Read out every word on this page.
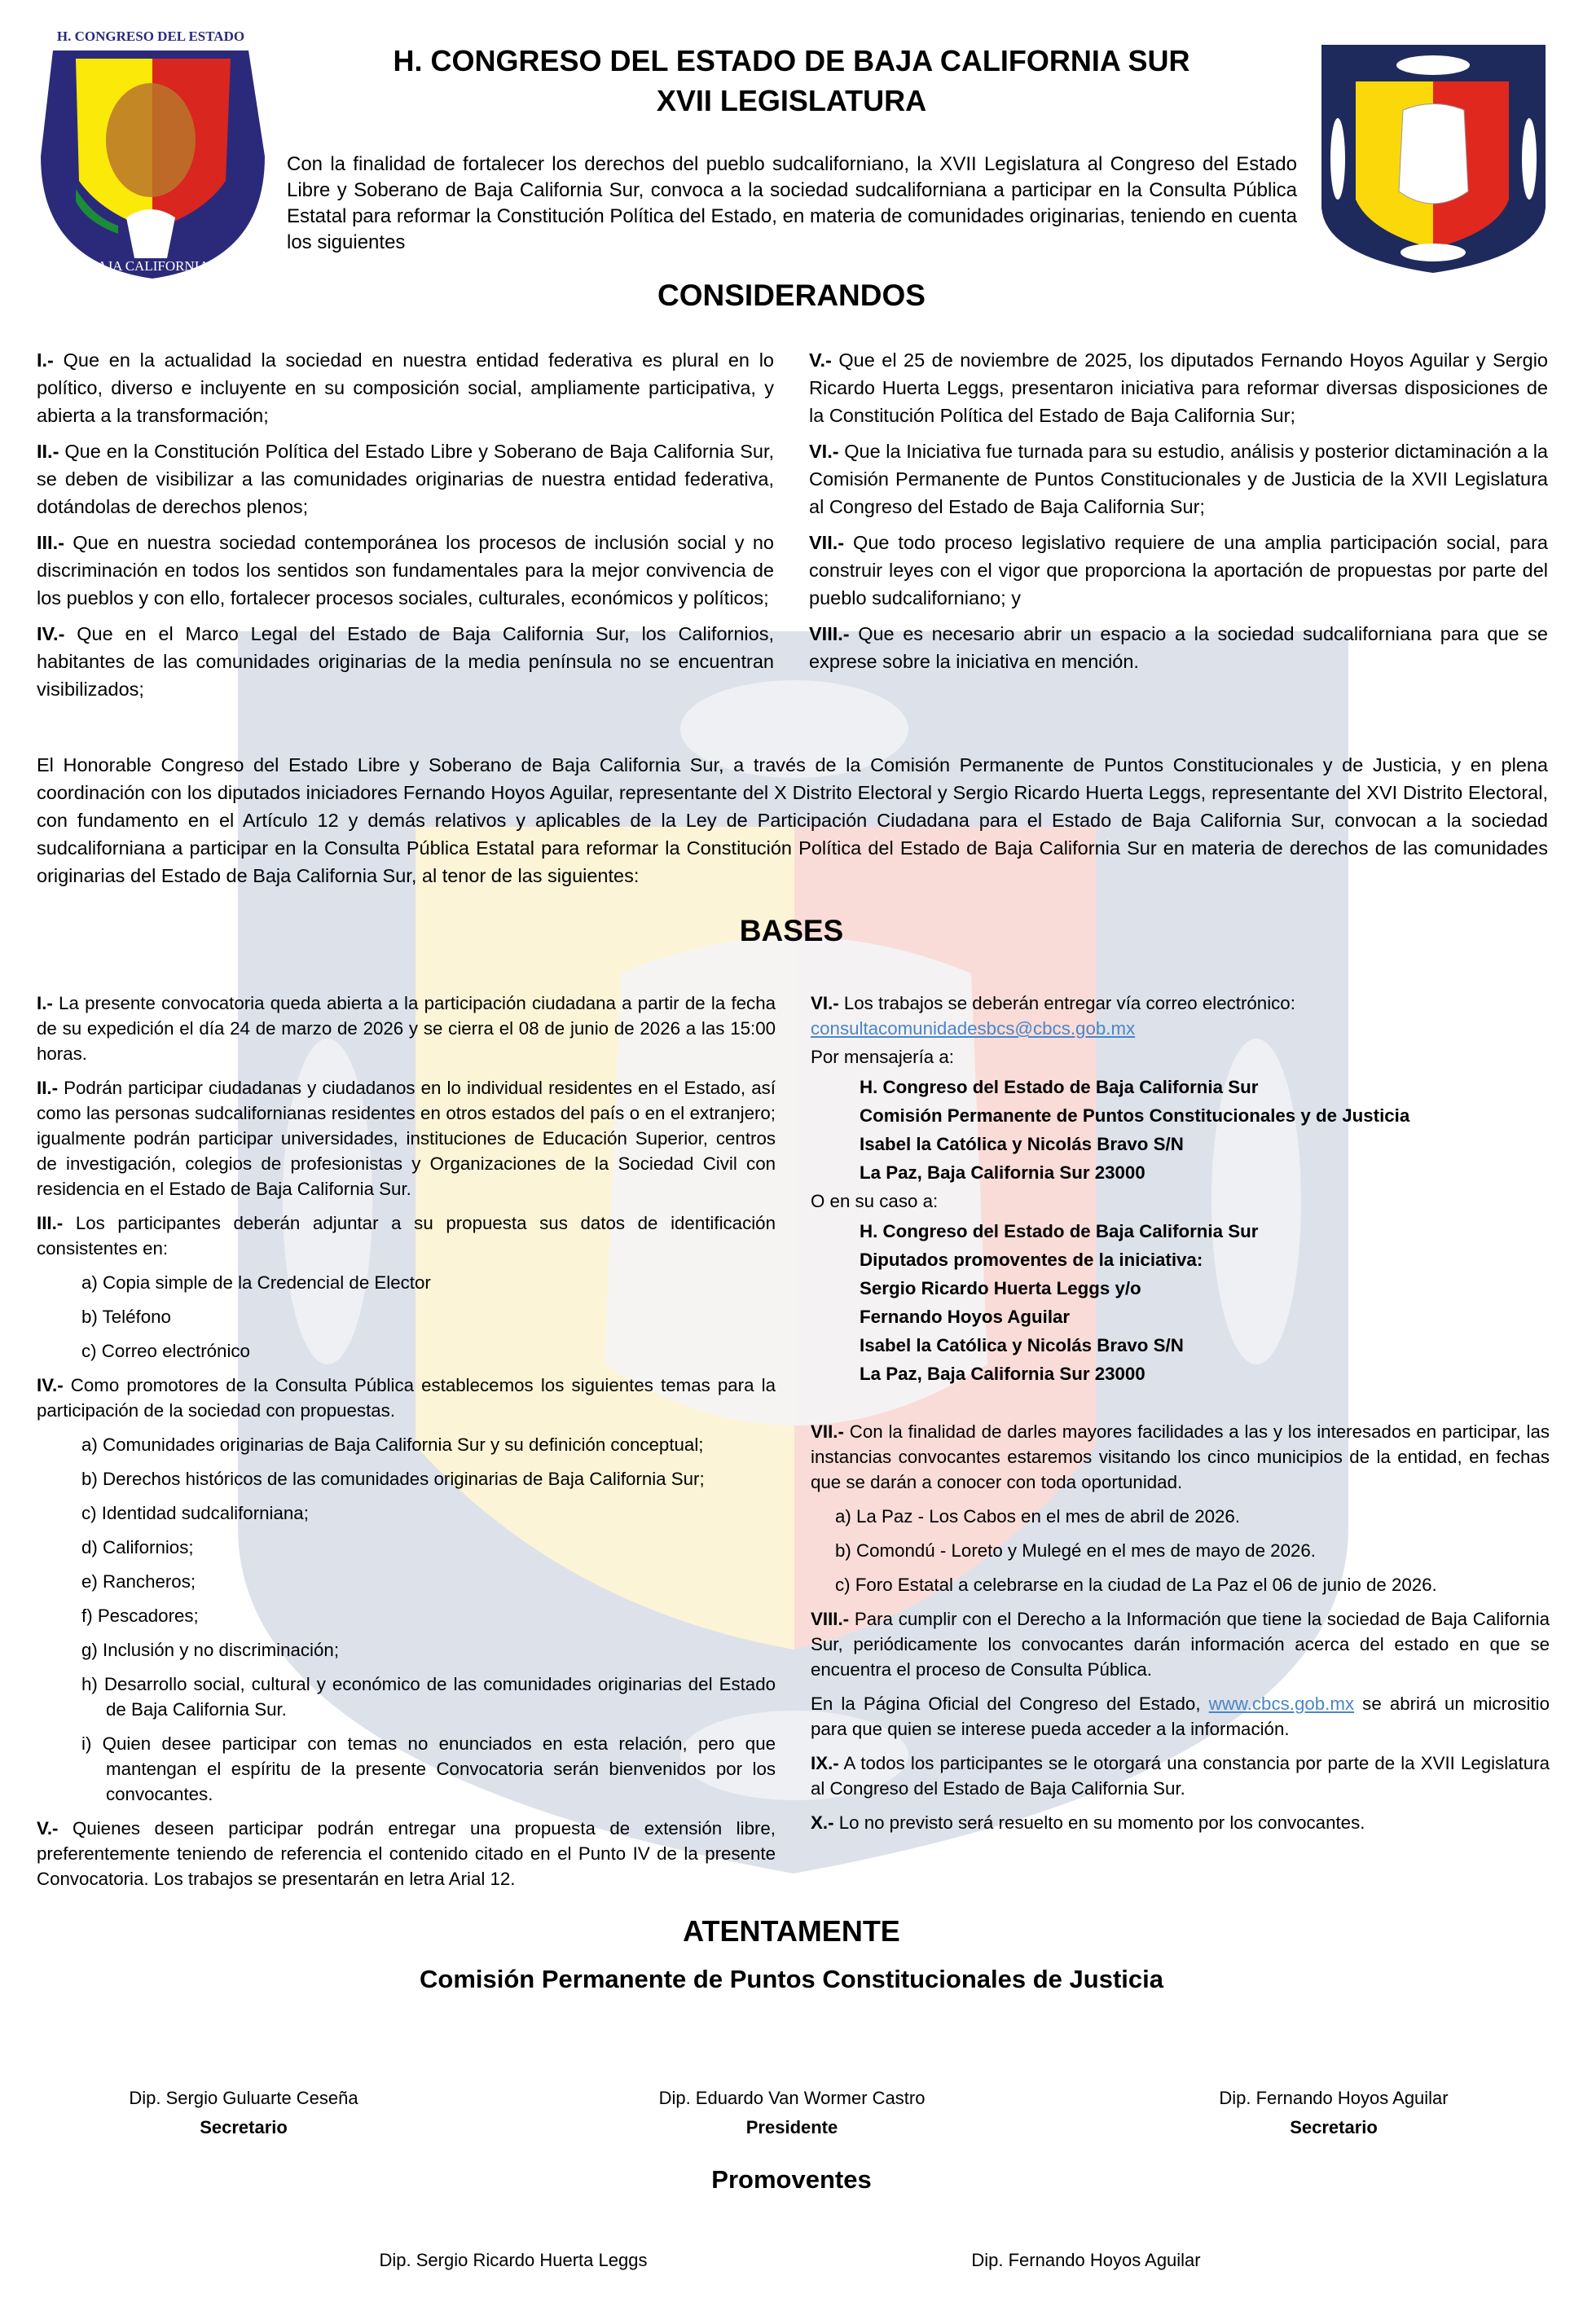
H. CONGRESO DEL ESTADO
DE BAJA CALIFORNIA SUR
H. CONGRESO DEL ESTADO DE BAJA CALIFORNIA SUR
XVII LEGISLATURA
Con la finalidad de fortalecer los derechos del pueblo sudcaliforniano, la XVII Legislatura al Congreso del Estado Libre y Soberano de Baja California Sur, convoca a la sociedad sudcaliforniana a participar en la Consulta Pública Estatal para reformar la Constitución Política del Estado, en materia de comunidades originarias, teniendo en cuenta los siguientes
CONSIDERANDOS

I.- Que en la actualidad la sociedad en nuestra entidad federativa es plural en lo político, diverso e incluyente en su composición social, ampliamente participativa, y abierta a la transformación;

II.- Que en la Constitución Política del Estado Libre y Soberano de Baja California Sur, se deben de visibilizar a las comunidades originarias de nuestra entidad federativa, dotándolas de derechos plenos;

III.- Que en nuestra sociedad contemporánea los procesos de inclusión social y no discriminación en todos los sentidos son fundamentales para la mejor convivencia de los pueblos y con ello, fortalecer procesos sociales, culturales, económicos y políticos;

IV.- Que en el Marco Legal del Estado de Baja California Sur, los Californios, habitantes de las comunidades originarias de la media península no se encuentran visibilizados;

V.- Que el 25 de noviembre de 2025, los diputados Fernando Hoyos Aguilar y Sergio Ricardo Huerta Leggs, presentaron iniciativa para reformar diversas disposiciones de la Constitución Política del Estado de Baja California Sur;

VI.- Que la Iniciativa fue turnada para su estudio, análisis y posterior dictaminación a la Comisión Permanente de Puntos Constitucionales y de Justicia de la XVII Legislatura al Congreso del Estado de Baja California Sur;

VII.- Que todo proceso legislativo requiere de una amplia participación social, para construir leyes con el vigor que proporciona la aportación de propuestas por parte del pueblo sudcaliforniano; y

VIII.- Que es necesario abrir un espacio a la sociedad sudcaliforniana para que se exprese sobre la iniciativa en mención.

El Honorable Congreso del Estado Libre y Soberano de Baja California Sur, a través de la Comisión Permanente de Puntos Constitucionales y de Justicia, y en plena coordinación con los diputados iniciadores Fernando Hoyos Aguilar, representante del X Distrito Electoral y Sergio Ricardo Huerta Leggs, representante del XVI Distrito Electoral, con fundamento en el Artículo 12 y demás relativos y aplicables de la Ley de Participación Ciudadana para el Estado de Baja California Sur, convocan a la sociedad sudcaliforniana a participar en la Consulta Pública Estatal para reformar la Constitución Política del Estado de Baja California Sur en materia de derechos de las comunidades originarias del Estado de Baja California Sur, al tenor de las siguientes:
BASES

I.- La presente convocatoria queda abierta a la participación ciudadana a partir de la fecha de su expedición el día 24 de marzo de 2026 y se cierra el 08 de junio de 2026 a las 15:00 horas.

II.- Podrán participar ciudadanas y ciudadanos en lo individual residentes en el Estado, así como las personas sudcalifornianas residentes en otros estados del país o en el extranjero; igualmente podrán participar universidades, instituciones de Educación Superior, centros de investigación, colegios de profesionistas y Organizaciones de la Sociedad Civil con residencia en el Estado de Baja California Sur.

III.- Los participantes deberán adjuntar a su propuesta sus datos de identificación consistentes en:

a) Copia simple de la Credencial de Elector
b) Teléfono
c) Correo electrónico

IV.- Como promotores de la Consulta Pública establecemos los siguientes temas para la participación de la sociedad con propuestas.

a) Comunidades originarias de Baja California Sur y su definición conceptual;
b) Derechos históricos de las comunidades originarias de Baja California Sur;
c) Identidad sudcaliforniana;
d) Californios;
e) Rancheros;
f) Pescadores;
g) Inclusión y no discriminación;
h) Desarrollo social, cultural y económico de las comunidades originarias del Estado de Baja California Sur.
i) Quien desee participar con temas no enunciados en esta relación, pero que mantengan el espíritu de la presente Convocatoria serán bienvenidos por los convocantes.

V.- Quienes deseen participar podrán entregar una propuesta de extensión libre, preferentemente teniendo de referencia el contenido citado en el Punto IV de la presente Convocatoria. Los trabajos se presentarán en letra Arial 12.

VI.- Los trabajos se deberán entregar vía correo electrónico:
consultacomunidadesbcs@cbcs.gob.mx

Por mensajería a:

H. Congreso del Estado de Baja California Sur
Comisión Permanente de Puntos Constitucionales y de Justicia
Isabel la Católica y Nicolás Bravo S/N
La Paz, Baja California Sur 23000

O en su caso a:

H. Congreso del Estado de Baja California Sur
Diputados promoventes de la iniciativa:
Sergio Ricardo Huerta Leggs y/o
Fernando Hoyos Aguilar
Isabel la Católica y Nicolás Bravo S/N
La Paz, Baja California Sur 23000

VII.- Con la finalidad de darles mayores facilidades a las y los interesados en participar, las instancias convocantes estaremos visitando los cinco municipios de la entidad, en fechas que se darán a conocer con toda oportunidad.

a) La Paz - Los Cabos en el mes de abril de 2026.
b) Comondú - Loreto y Mulegé en el mes de mayo de 2026.
c) Foro Estatal a celebrarse en la ciudad de La Paz el 06 de junio de 2026.

VIII.- Para cumplir con el Derecho a la Información que tiene la sociedad de Baja California Sur, periódicamente los convocantes darán información acerca del estado en que se encuentra el proceso de Consulta Pública.

En la Página Oficial del Congreso del Estado, www.cbcs.gob.mx se abrirá un micrositio para que quien se interese pueda acceder a la información.

IX.- A todos los participantes se le otorgará una constancia por parte de la XVII Legislatura al Congreso del Estado de Baja California Sur.

X.- Lo no previsto será resuelto en su momento por los convocantes.

ATENTAMENTE
Comisión Permanente de Puntos Constitucionales de Justicia
Dip. Sergio Guluarte Ceseña
Secretario
Dip. Eduardo Van Wormer Castro
Presidente
Dip. Fernando Hoyos Aguilar
Secretario
Promoventes
Dip. Sergio Ricardo Huerta Leggs	Dip. Fernando Hoyos Aguilar
